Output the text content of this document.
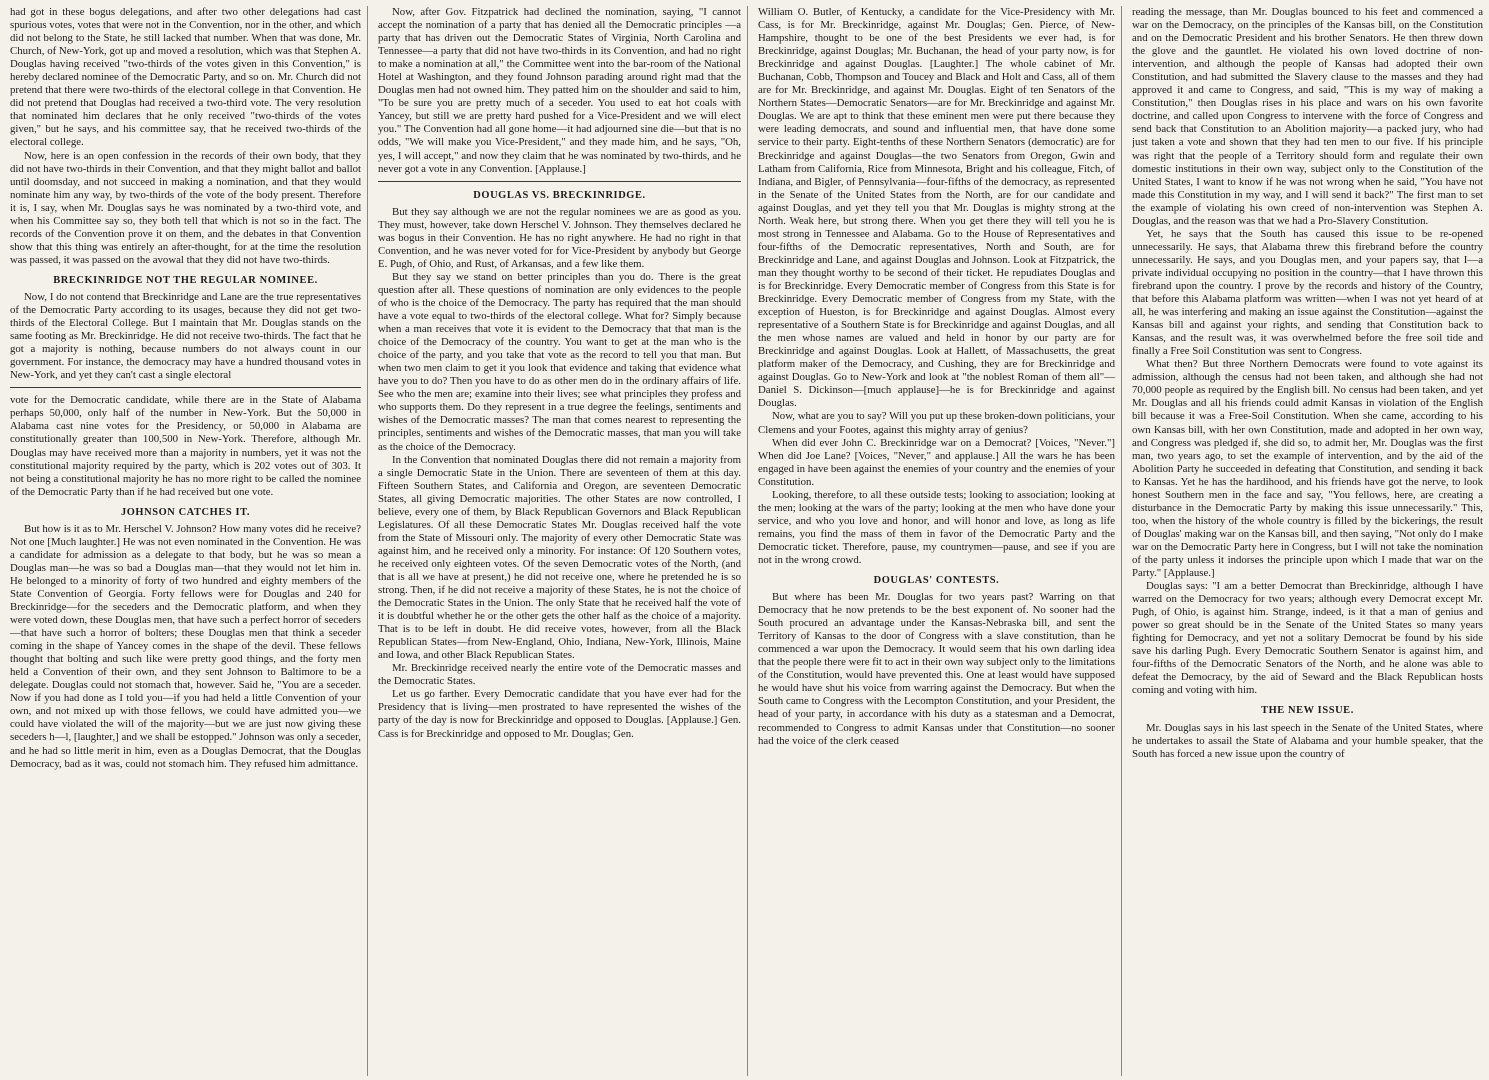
had got in these bogus delegations, and after two other delegations had cast spurious votes, votes that were not in the Convention, nor in the other, and which did not belong to the State, he still lacked that number. When that was done, Mr. Church, of New-York, got up and moved a resolution, which was that Stephen A. Douglas having received "two-thirds of the votes given in this Convention," is hereby declared nominee of the Democratic Party, and so on. Mr. Church did not pretend that there were two-thirds of the electoral college in that Convention. He did not pretend that Douglas had received a two-third vote. The very resolution that nominated him declares that he only received "two-thirds of the votes given," but he says, and his committee say, that he received two-thirds of the electoral college.

Now, here is an open confession in the records of their own body, that they did not have two-thirds in their Convention, and that they might ballot and ballot until doomsday, and not succeed in making a nomination, and that they would nominate him any way, by two-thirds of the vote of the body present. Therefore it is, I say, when Mr. Douglas says he was nominated by a two-third vote, and when his Committee say so, they both tell that which is not so in the fact. The records of the Convention prove it on them, and the debates in that Convention show that this thing was entirely an after-thought, for at the time the resolution was passed, it was passed on the avowal that they did not have two-thirds.

BRECKINRIDGE NOT THE REGULAR NOMINEE.

Now, I do not contend that Breckinridge and Lane are the true representatives of the Democratic Party according to its usages, because they did not get two-thirds of the Electoral College. But I maintain that Mr. Douglas stands on the same footing as Mr. Breckinridge. He did not receive two-thirds. The fact that he got a majority is nothing, because numbers do not always count in our government. For instance, the democracy may have a hundred thousand votes in New-York, and yet they can't cast a single electoral

vote for the Democratic candidate, while there are in the State of Alabama perhaps 50,000, only half of the number in New-York. But the 50,000 in Alabama cast nine votes for the Presidency, or 50,000 in Alabama are constitutionally greater than 100,500 in New-York. Therefore, although Mr. Douglas may have received more than a majority in numbers, yet it was not the constitutional majority required by the party, which is 202 votes out of 303. It not being a constitutional majority he has no more right to be called the nominee of the Democratic Party than if he had received but one vote.

JOHNSON CATCHES IT.

But how is it as to Mr. Herschel V. Johnson? How many votes did he receive? Not one [Much laughter.] He was not even nominated in the Convention. He was a candidate for admission as a delegate to that body, but he was so mean a Douglas man—he was so bad a Douglas man—that they would not let him in. He belonged to a minority of forty of two hundred and eighty members of the State Convention of Georgia. Forty fellows were for Douglas and 240 for Breckinridge—for the seceders and the Democratic platform, and when they were voted down, these Douglas men, that have such a perfect horror of seceders—that have such a horror of bolters; these Douglas men that think a seceder coming in the shape of Yancey comes in the shape of the devil. These fellows thought that bolting and such like were pretty good things, and the forty men held a Convention of their own, and they sent Johnson to Baltimore to be a delegate. Douglas could not stomach that, however. Said he, "You are a seceder. Now if you had done as I told you—if you had held a little Convention of your own, and not mixed up with those fellows, we could have admitted you—we could have violated the will of the majority—but we are just now giving these seceders h—l, [laughter,] and we shall be estopped." Johnson was only a seceder, and he had so little merit in him, even as a Douglas Democrat, that the Douglas Democracy, bad as it was, could not stomach him. They refused him admittance.

Now, after Gov. Fitzpatrick had declined the nomination, saying, "I cannot accept the nomination of a party that has denied all the Democratic principles —a party that has driven out the Democratic States of Virginia, North Carolina and Tennessee—a party that did not have two-thirds in its Convention, and had no right to make a nomination at all," the Committee went into the bar-room of the National Hotel at Washington, and they found Johnson parading around right mad that the Douglas men had not owned him. They patted him on the shoulder and said to him, "To be sure you are pretty much of a seceder. You used to eat hot coals with Yancey, but still we are pretty hard pushed for a Vice-President and we will elect you." The Convention had all gone home—it had adjourned sine die—but that is no odds, "We will make you Vice-President," and they made him, and he says, "Oh, yes, I will accept," and now they claim that he was nominated by two-thirds, and he never got a vote in any Convention. [Applause.]

DOUGLAS VS. BRECKINRIDGE.

But they say although we are not the regular nominees we are as good as you. They must, however, take down Herschel V. Johnson. They themselves declared he was bogus in their Convention. He has no right anywhere. He had no right in that Convention, and he was never voted for for Vice-President by anybody but George E. Pugh, of Ohio, and Rust, of Arkansas, and a few like them.

But they say we stand on better principles than you do. There is the great question after all. These questions of nomination are only evidences to the people of who is the choice of the Democracy. The party has required that the man should have a vote equal to two-thirds of the electoral college. What for? Simply because when a man receives that vote it is evident to the Democracy that that man is the choice of the Democracy of the country. You want to get at the man who is the choice of the party, and you take that vote as the record to tell you that man. But when two men claim to get it you look that evidence and taking that evidence what have you to do? Then you have to do as other men do in the ordinary affairs of life. See who the men are; examine into their lives; see what principles they profess and who supports them. Do they represent in a true degree the feelings, sentiments and wishes of the Democratic masses? The man that comes nearest to representing the principles, sentiments and wishes of the Democratic masses, that man you will take as the choice of the Democracy.

In the Convention that nominated Douglas there did not remain a majority from a single Democratic State in the Union. There are seventeen of them at this day. Fifteen Southern States, and California and Oregon, are seventeen Democratic States, all giving Democratic majorities. The other States are now controlled, I believe, every one of them, by Black Republican Governors and Black Republican Legislatures. Of all these Democratic States Mr. Douglas received half the vote from the State of Missouri only. The majority of every other Democratic State was against him, and he received only a minority. For instance: Of 120 Southern votes, he received only eighteen votes. Of the seven Democratic votes of the North, (and that is all we have at present,) he did not receive one, where he pretended he is so strong. Then, if he did not receive a majority of these States, he is not the choice of the Democratic States in the Union. The only State that he received half the vote of it is doubtful whether he or the other gets the other half as the choice of a majority. That is to be left in doubt. He did receive votes, however, from all the Black Republican States—from New-England, Ohio, Indiana, New-York, Illinois, Maine and Iowa, and other Black Republican States.

Mr. Breckinridge received nearly the entire vote of the Democratic masses and the Democratic States.

Let us go farther. Every Democratic candidate that you have ever had for the Presidency that is living—men prostrated to have represented the wishes of the party of the day is now for Breckinridge and opposed to Douglas. [Applause.] Gen. Cass is for Breckinridge and opposed to Mr. Douglas; Gen.

William O. Butler, of Kentucky, a candidate for the Vice-Presidency with Mr. Cass, is for Mr. Breckinridge, against Mr. Douglas; Gen. Pierce, of New-Hampshire, thought to be one of the best Presidents we ever had, is for Breckinridge, against Douglas; Mr. Buchanan, the head of your party now, is for Breckinridge and against Douglas. [Laughter.] The whole cabinet of Mr. Buchanan, Cobb, Thompson and Toucey and Black and Holt and Cass, all of them are for Mr. Breckinridge, and against Mr. Douglas. Eight of ten Senators of the Northern States—Democratic Senators—are for Mr. Breckinridge and against Mr. Douglas. We are apt to think that these eminent men were put there because they were leading democrats, and sound and influential men, that have done some service to their party. Eight-tenths of these Northern Senators (democratic) are for Breckinridge and against Douglas—the two Senators from Oregon, Gwin and Latham from California, Rice from Minnesota, Bright and his colleague, Fitch, of Indiana, and Bigler, of Pennsylvania—four-fifths of the democracy, as represented in the Senate of the United States from the North, are for our candidate and against Douglas, and yet they tell you that Mr. Douglas is mighty strong at the North. Weak here, but strong there. When you get there they will tell you he is most strong in Tennessee and Alabama. Go to the House of Representatives and four-fifths of the Democratic representatives, North and South, are for Breckinridge and Lane, and against Douglas and Johnson. Look at Fitzpatrick, the man they thought worthy to be second of their ticket. He repudiates Douglas and is for Breckinridge. Every Democratic member of Congress from this State is for Breckinridge. Every Democratic member of Congress from my State, with the exception of Hueston, is for Breckinridge and against Douglas. Almost every representative of a Southern State is for Breckinridge and against Douglas, and all the men whose names are valued and held in honor by our party are for Breckinridge and against Douglas. Look at Hallett, of Massachusetts, the great platform maker of the Democracy, and Cushing, they are for Breckinridge and against Douglas. Go to New-York and look at "the noblest Roman of them all"—Daniel S. Dickinson—[much applause]—he is for Breckinridge and against Douglas.

Now, what are you to say? Will you put up these broken-down politicians, your Clemens and your Footes, against this mighty array of genius?

When did ever John C. Breckinridge war on a Democrat? [Voices, "Never."] When did Joe Lane? [Voices, "Never," and applause.] All the wars he has been engaged in have been against the enemies of your country and the enemies of your Constitution.

Looking, therefore, to all these outside tests; looking to association; looking at the men; looking at the wars of the party; looking at the men who have done your service, and who you love and honor, and will honor and love, as long as life remains, you find the mass of them in favor of the Democratic Party and the Democratic ticket. Therefore, pause, my countrymen—pause, and see if you are not in the wrong crowd.

DOUGLAS' CONTESTS.

But where has been Mr. Douglas for two years past? Warring on that Democracy that he now pretends to be the best exponent of. No sooner had the South procured an advantage under the Kansas-Nebraska bill, and sent the Territory of Kansas to the door of Congress with a slave constitution, than he commenced a war upon the Democracy. It would seem that his own darling idea that the people there were fit to act in their own way subject only to the limitations of the Constitution, would have prevented this. One at least would have supposed he would have shut his voice from warring against the Democracy. But when the South came to Congress with the Lecompton Constitution, and your President, the head of your party, in accordance with his duty as a statesman and a Democrat, recommended to Congress to admit Kansas under that Constitution—no sooner had the voice of the clerk ceased

reading the message, than Mr. Douglas bounced to his feet and commenced a war on the Democracy, on the principles of the Kansas bill, on the Constitution and on the Democratic President and his brother Senators. He then threw down the glove and the gauntlet. He violated his own loved doctrine of non-intervention, and although the people of Kansas had adopted their own Constitution, and had submitted the Slavery clause to the masses and they had approved it and came to Congress, and said, "This is my way of making a Constitution," then Douglas rises in his place and wars on his own favorite doctrine, and called upon Congress to intervene with the force of Congress and send back that Constitution to an Abolition majority—a packed jury, who had just taken a vote and shown that they had ten men to our five. If his principle was right that the people of a Territory should form and regulate their own domestic institutions in their own way, subject only to the Constitution of the United States, I want to know if he was not wrong when he said, "You have not made this Constitution in my way, and I will send it back?" The first man to set the example of violating his own creed of non-intervention was Stephen A. Douglas, and the reason was that we had a Pro-Slavery Constitution.

Yet, he says that the South has caused this issue to be re-opened unnecessarily. He says, that Alabama threw this firebrand before the country unnecessarily. He says, and you Douglas men, and your papers say, that I—a private individual occupying no position in the country—that I have thrown this firebrand upon the country. I prove by the records and history of the Country, that before this Alabama platform was written—when I was not yet heard of at all, he was interfering and making an issue against the Constitution—against the Kansas bill and against your rights, and sending that Constitution back to Kansas, and the result was, it was overwhelmed before the free soil tide and finally a Free Soil Constitution was sent to Congress.

What then? But three Northern Democrats were found to vote against its admission, although the census had not been taken, and although she had not 70,000 people as required by the English bill. No census had been taken, and yet Mr. Douglas and all his friends could admit Kansas in violation of the English bill because it was a Free-Soil Constitution. When she came, according to his own Kansas bill, with her own Constitution, made and adopted in her own way, and Congress was pledged if, she did so, to admit her, Mr. Douglas was the first man, two years ago, to set the example of intervention, and by the aid of the Abolition Party he succeeded in defeating that Constitution, and sending it back to Kansas. Yet he has the hardihood, and his friends have got the nerve, to look honest Southern men in the face and say, "You fellows, here, are creating a disturbance in the Democratic Party by making this issue unnecessarily." This, too, when the history of the whole country is filled by the bickerings, the result of Douglas' making war on the Kansas bill, and then saying, "Not only do I make war on the Democratic Party here in Congress, but I will not take the nomination of the party unless it indorses the principle upon which I made that war on the Party." [Applause.]

Douglas says: "I am a better Democrat than Breckinridge, although I have warred on the Democracy for two years; although every Democrat except Mr. Pugh, of Ohio, is against him. Strange, indeed, is it that a man of genius and power so great should be in the Senate of the United States so many years fighting for Democracy, and yet not a solitary Democrat be found by his side save his darling Pugh. Every Democratic Southern Senator is against him, and four-fifths of the Democratic Senators of the North, and he alone was able to defeat the Democracy, by the aid of Seward and the Black Republican hosts coming and voting with him.

THE NEW ISSUE.

Mr. Douglas says in his last speech in the Senate of the United States, where he undertakes to assail the State of Alabama and your humble speaker, that the South has forced a new issue upon the country of
